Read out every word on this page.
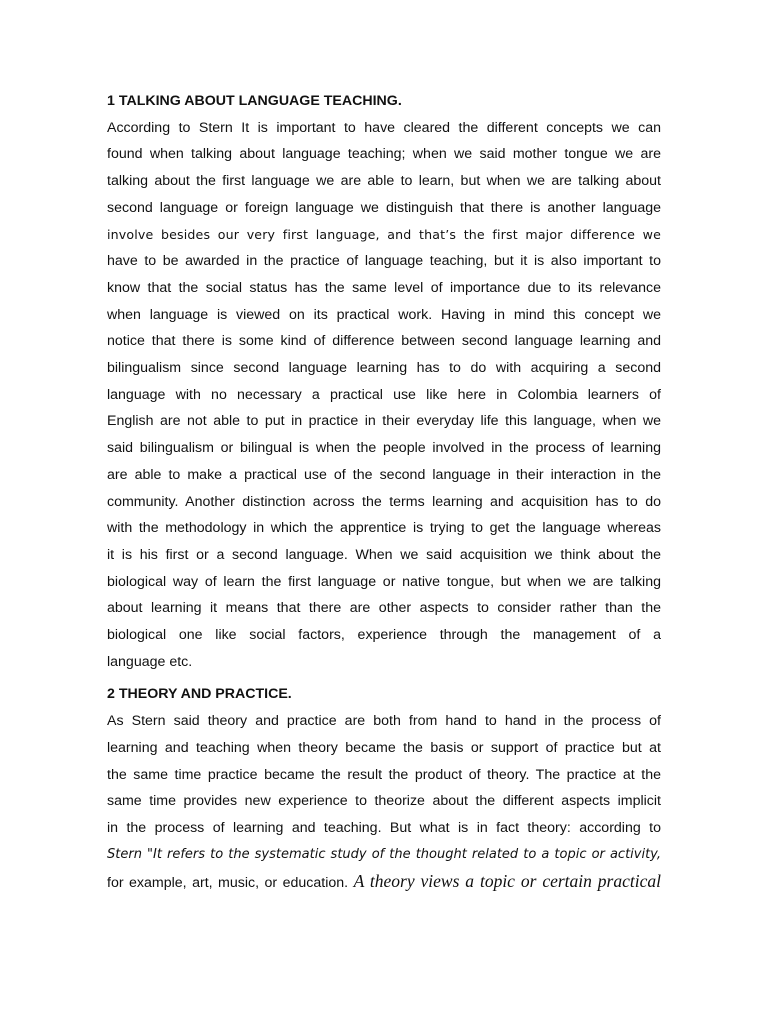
1 TALKING ABOUT LANGUAGE TEACHING.

According to Stern It is important to have cleared the different concepts we can
found when talking about language teaching; when we said mother tongue we are
talking about the first language we are able to learn, but when we are talking about
second language or foreign language we distinguish that there is another language
involve besides our very first language, and that’s the first major difference we
have to be awarded in the practice of language teaching, but it is also important to
know that the social status has the same level of importance due to its relevance
when language is viewed on its practical work. Having in mind this concept we
notice that there is some kind of difference between second language learning and
bilingualism since second language learning has to do with acquiring a second
language with no necessary a practical use like here in Colombia learners of
English are not able to put in practice in their everyday life this language, when we
said bilingualism or bilingual is when the people involved in the process of learning
are able to make a practical use of the second language in their interaction in the
community. Another distinction across the terms learning and acquisition has to do
with the methodology in which the apprentice is trying to get the language whereas
it is his first or a second language. When we said acquisition we think about the
biological way of learn the first language or native tongue, but when we are talking
about learning it means that there are other aspects to consider rather than the
biological one like social factors, experience through the management of a
language etc.

2 THEORY AND PRACTICE.

As Stern said theory and practice are both from hand to hand in the process of
learning and teaching when theory became the basis or support of practice but at
the same time practice became the result the product of theory. The practice at the
same time provides new experience to theorize about the different aspects implicit
in the process of learning and teaching. But what is in fact theory: according to
Stern "It refers to the systematic study of the thought related to a topic or activity,
for example, art, music, or education. A theory views a topic or certain practical
